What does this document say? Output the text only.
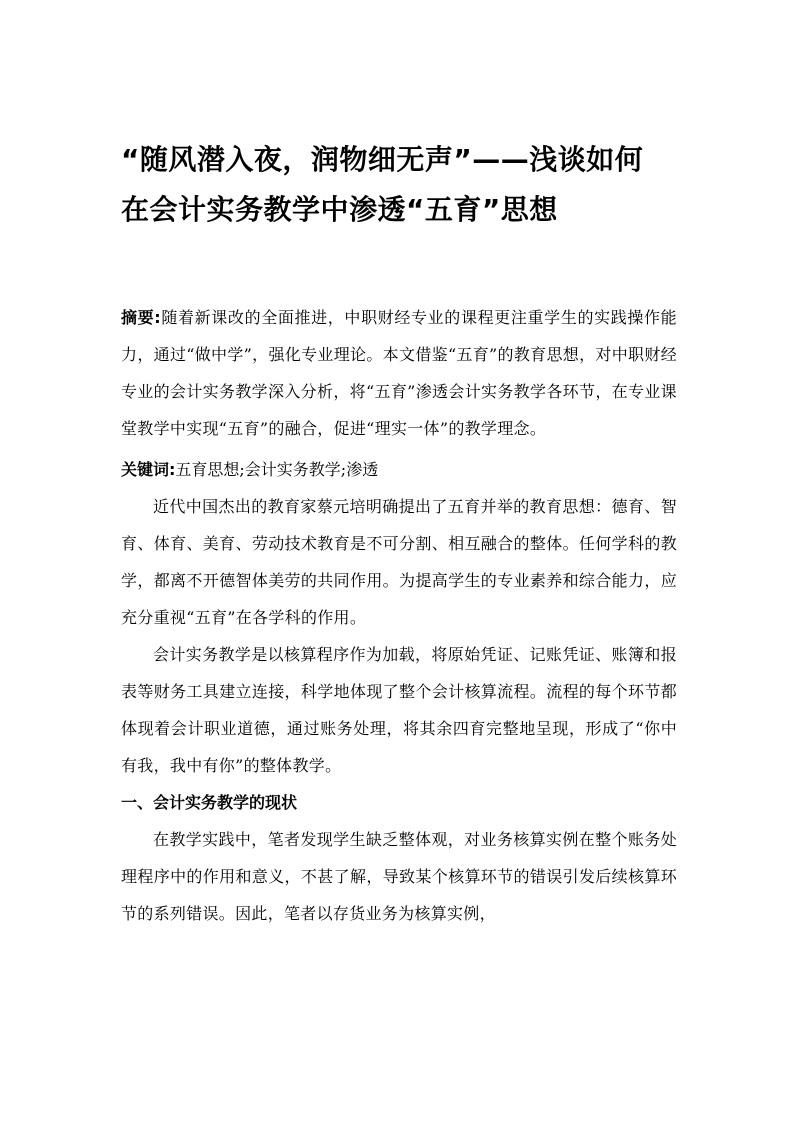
“随风潜入夜，润物细无声”——浅谈如何
在会计实务教学中渗透“五育”思想
摘要:随着新课改的全面推进，中职财经专业的课程更注重学生的实践操作能力，通过“做中学”，强化专业理论。本文借鉴“五育”的教育思想，对中职财经专业的会计实务教学深入分析，将“五育”渗透会计实务教学各环节，在专业课堂教学中实现“五育”的融合，促进“理实一体”的教学理念。
关键词:五育思想;会计实务教学;渗透

近代中国杰出的教育家蔡元培明确提出了五育并举的教育思想：德育、智育、体育、美育、劳动技术教育是不可分割、相互融合的整体。任何学科的教学，都离不开德智体美劳的共同作用。为提高学生的专业素养和综合能力，应充分重视“五育”在各学科的作用。

会计实务教学是以核算程序作为加载，将原始凭证、记账凭证、账簿和报表等财务工具建立连接，科学地体现了整个会计核算流程。流程的每个环节都体现着会计职业道德，通过账务处理，将其余四育完整地呈现，形成了“你中有我，我中有你”的整体教学。

一、会计实务教学的现状

在教学实践中，笔者发现学生缺乏整体观，对业务核算实例在整个账务处理程序中的作用和意义，不甚了解，导致某个核算环节的错误引发后续核算环节的系列错误。因此，笔者以存货业务为核算实例，
